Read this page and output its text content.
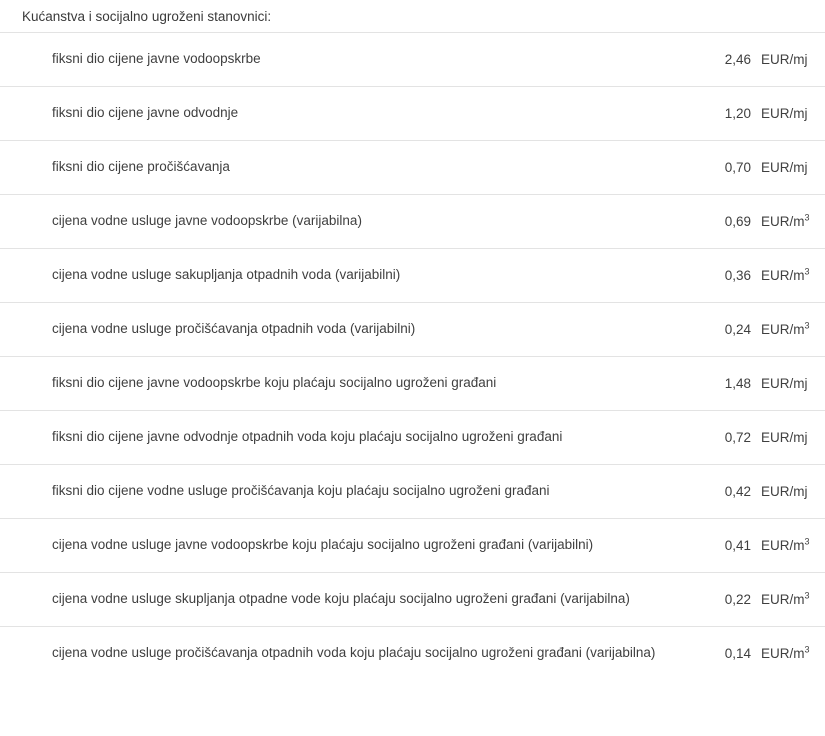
Kućanstva i socijalno ugroženi stanovnici:
fiksni dio cijene javne vodoopskrbe	2,46 EUR/mj
fiksni dio cijene javne odvodnje	1,20 EUR/mj
fiksni dio cijene pročišćavanja	0,70 EUR/mj
cijena vodne usluge javne vodoopskrbe (varijabilna)	0,69 EUR/$m^3$
cijena vodne usluge sakupljanja otpadnih voda (varijabilni)	0,36 EUR/$m^3$
cijena vodne usluge pročišćavanja otpadnih voda (varijabilni)	0,24 EUR/$m^3$
fiksni dio cijene javne vodoopskrbe koju plaćaju socijalno ugroženi građani	1,48 EUR/mj
fiksni dio cijene javne odvodnje otpadnih voda koju plaćaju socijalno ugroženi građani	0,72 EUR/mj
fiksni dio cijene vodne usluge pročišćavanja koju plaćaju socijalno ugroženi građani	0,42 EUR/mj
cijena vodne usluge javne vodoopskrbe koju plaćaju socijalno ugroženi građani (varijabilni)	0,41 EUR/$m^3$
cijena vodne usluge skupljanja otpadne vode koju plaćaju socijalno ugroženi građani (varijabilna)	0,22 EUR/$m^3$
cijena vodne usluge pročišćavanja otpadnih voda koju plaćaju socijalno ugroženi građani (varijabilna)	0,14 EUR/$m^3$
